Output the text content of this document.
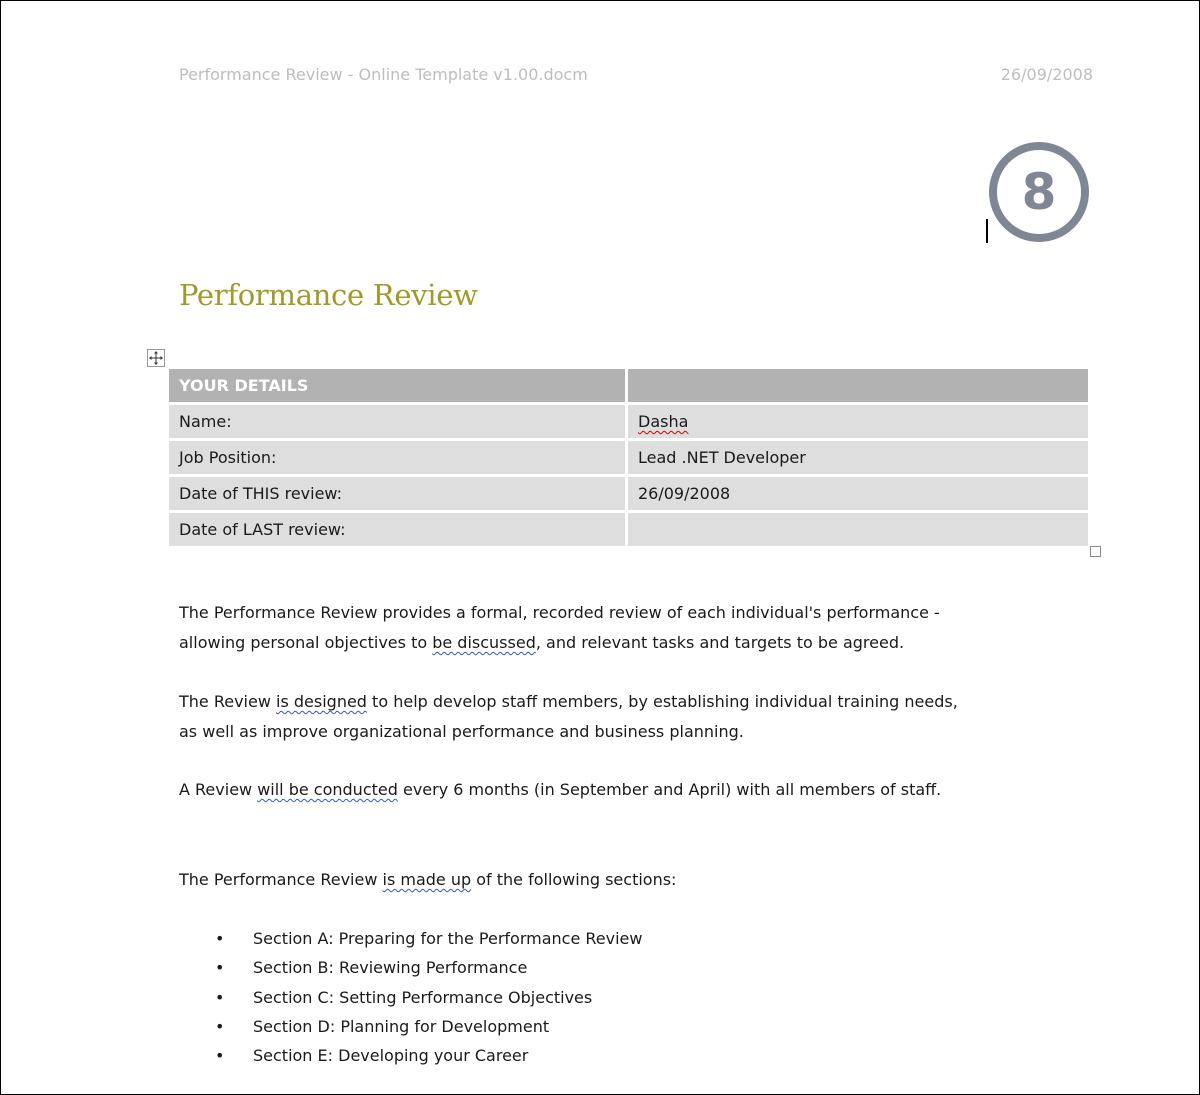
Performance Review - Online Template v1.00.docm	26/09/2008
8
Performance Review
YOUR DETAILS	
Name:	Dasha
Job Position:	Lead .NET Developer
Date of THIS review:	26/09/2008
Date of LAST review:	
The Performance Review provides a formal, recorded review of each individual's performance - allowing personal objectives to be discussed, and relevant tasks and targets to be agreed.
The Review is designed to help develop staff members, by establishing individual training needs, as well as improve organizational performance and business planning.
A Review will be conducted every 6 months (in September and April) with all members of staff.
The Performance Review is made up of the following sections:
• Section A: Preparing for the Performance Review
• Section B: Reviewing Performance
• Section C: Setting Performance Objectives
• Section D: Planning for Development
• Section E: Developing your Career
